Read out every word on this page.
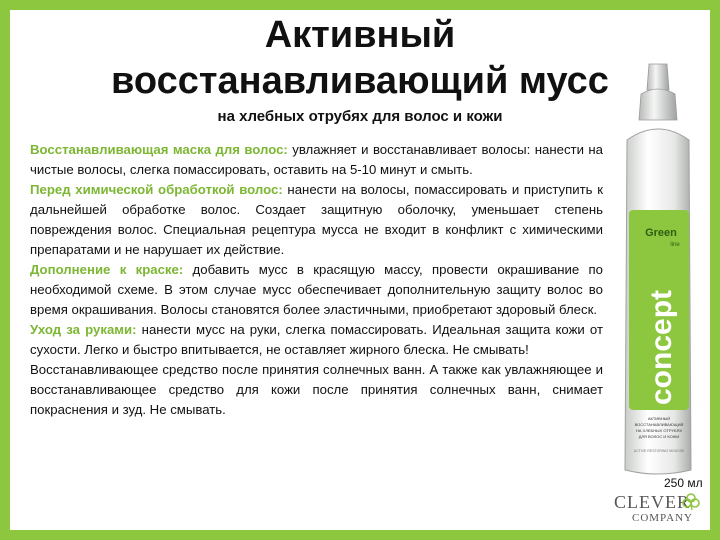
Активный
восстанавливающий мусс
на хлебных отрубях для волос и кожи

Восстанавливающая маска для волос: увлажняет и восстанавливает волосы: нанести на чистые волосы, слегка помассировать, оставить на 5-10 минут и смыть.

Перед химической обработкой волос: нанести на волосы, помассировать и приступить к дальнейшей обработке волос. Создает защитную оболочку, уменьшает степень повреждения волос. Специальная рецептура мусса не входит в конфликт с химическими препаратами и не нарушает их действие.

Дополнение к краске: добавить мусс в красящую массу, провести окрашивание по необходимой схеме. В этом случае мусс обеспечивает дополнительную защиту волос во время окрашивания. Волосы становятся более эластичными, приобретают здоровый блеск.

Уход за руками: нанести мусс на руки, слегка помассировать. Идеальная защита кожи от сухости. Легко и быстро впитывается, не оставляет жирного блеска. Не смывать!

Восстанавливающее средство после принятия солнечных ванн. А также как увлажняющее и восстанавливающее средство для кожи после принятия солнечных ванн, снимает покраснения и зуд. Не смывать.

Green
line
concept
АКТИВНЫЙ
ВОССТАНАВЛИВАЮЩИЙ
НА ХЛЕБНЫХ ОТРУБЯХ
ДЛЯ ВОЛОС И КОЖИ
ACTIVE RESTORING MOUSSE
250 мл
CLEVER
COMPANY
